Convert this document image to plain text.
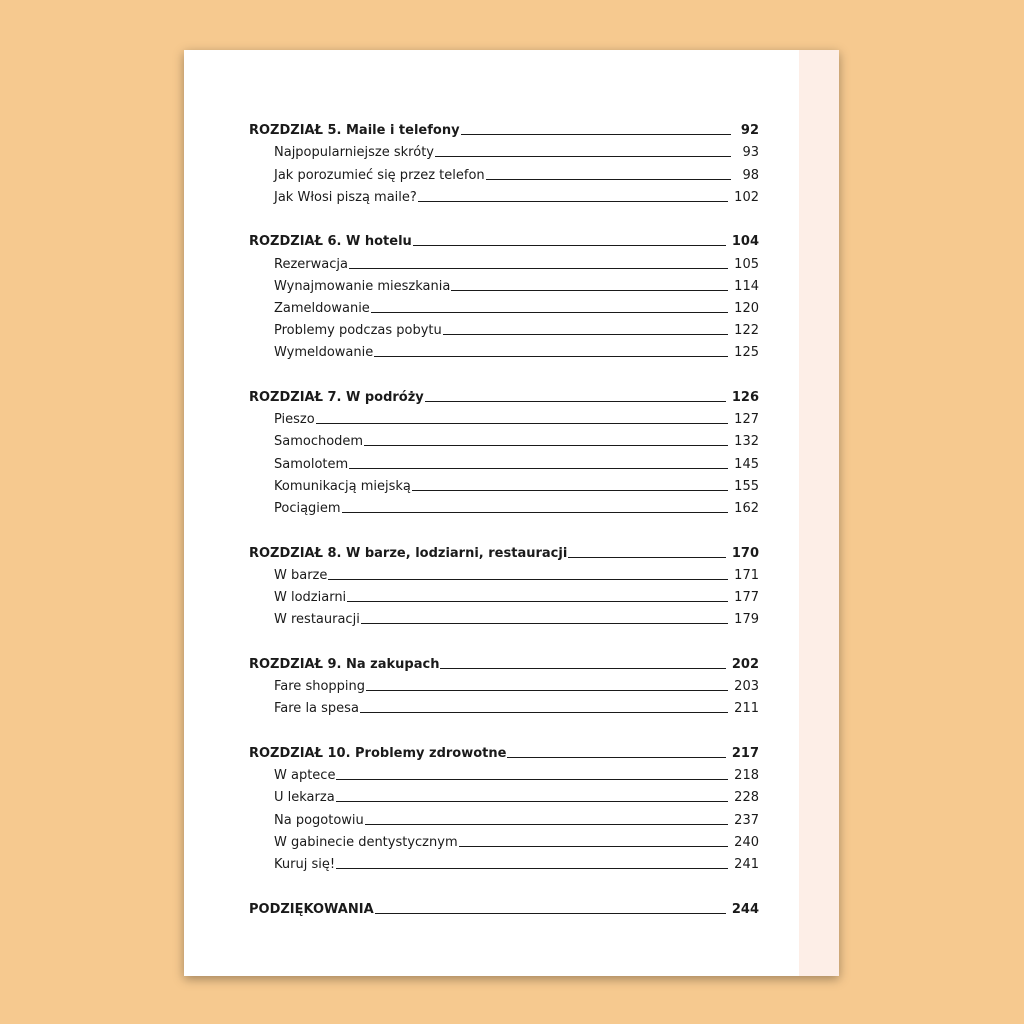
ROZDZIAŁ 5. Maile i telefony	92
Najpopularniejsze skróty	93
Jak porozumieć się przez telefon	98
Jak Włosi piszą maile?	102
ROZDZIAŁ 6. W hotelu	104
Rezerwacja	105
Wynajmowanie mieszkania	114
Zameldowanie	120
Problemy podczas pobytu	122
Wymeldowanie	125
ROZDZIAŁ 7. W podróży	126
Pieszo	127
Samochodem	132
Samolotem	145
Komunikacją miejską	155
Pociągiem	162
ROZDZIAŁ 8. W barze, lodziarni, restauracji	170
W barze	171
W lodziarni	177
W restauracji	179
ROZDZIAŁ 9. Na zakupach	202
Fare shopping	203
Fare la spesa	211
ROZDZIAŁ 10. Problemy zdrowotne	217
W aptece	218
U lekarza	228
Na pogotowiu	237
W gabinecie dentystycznym	240
Kuruj się!	241
PODZIĘKOWANIA	244
